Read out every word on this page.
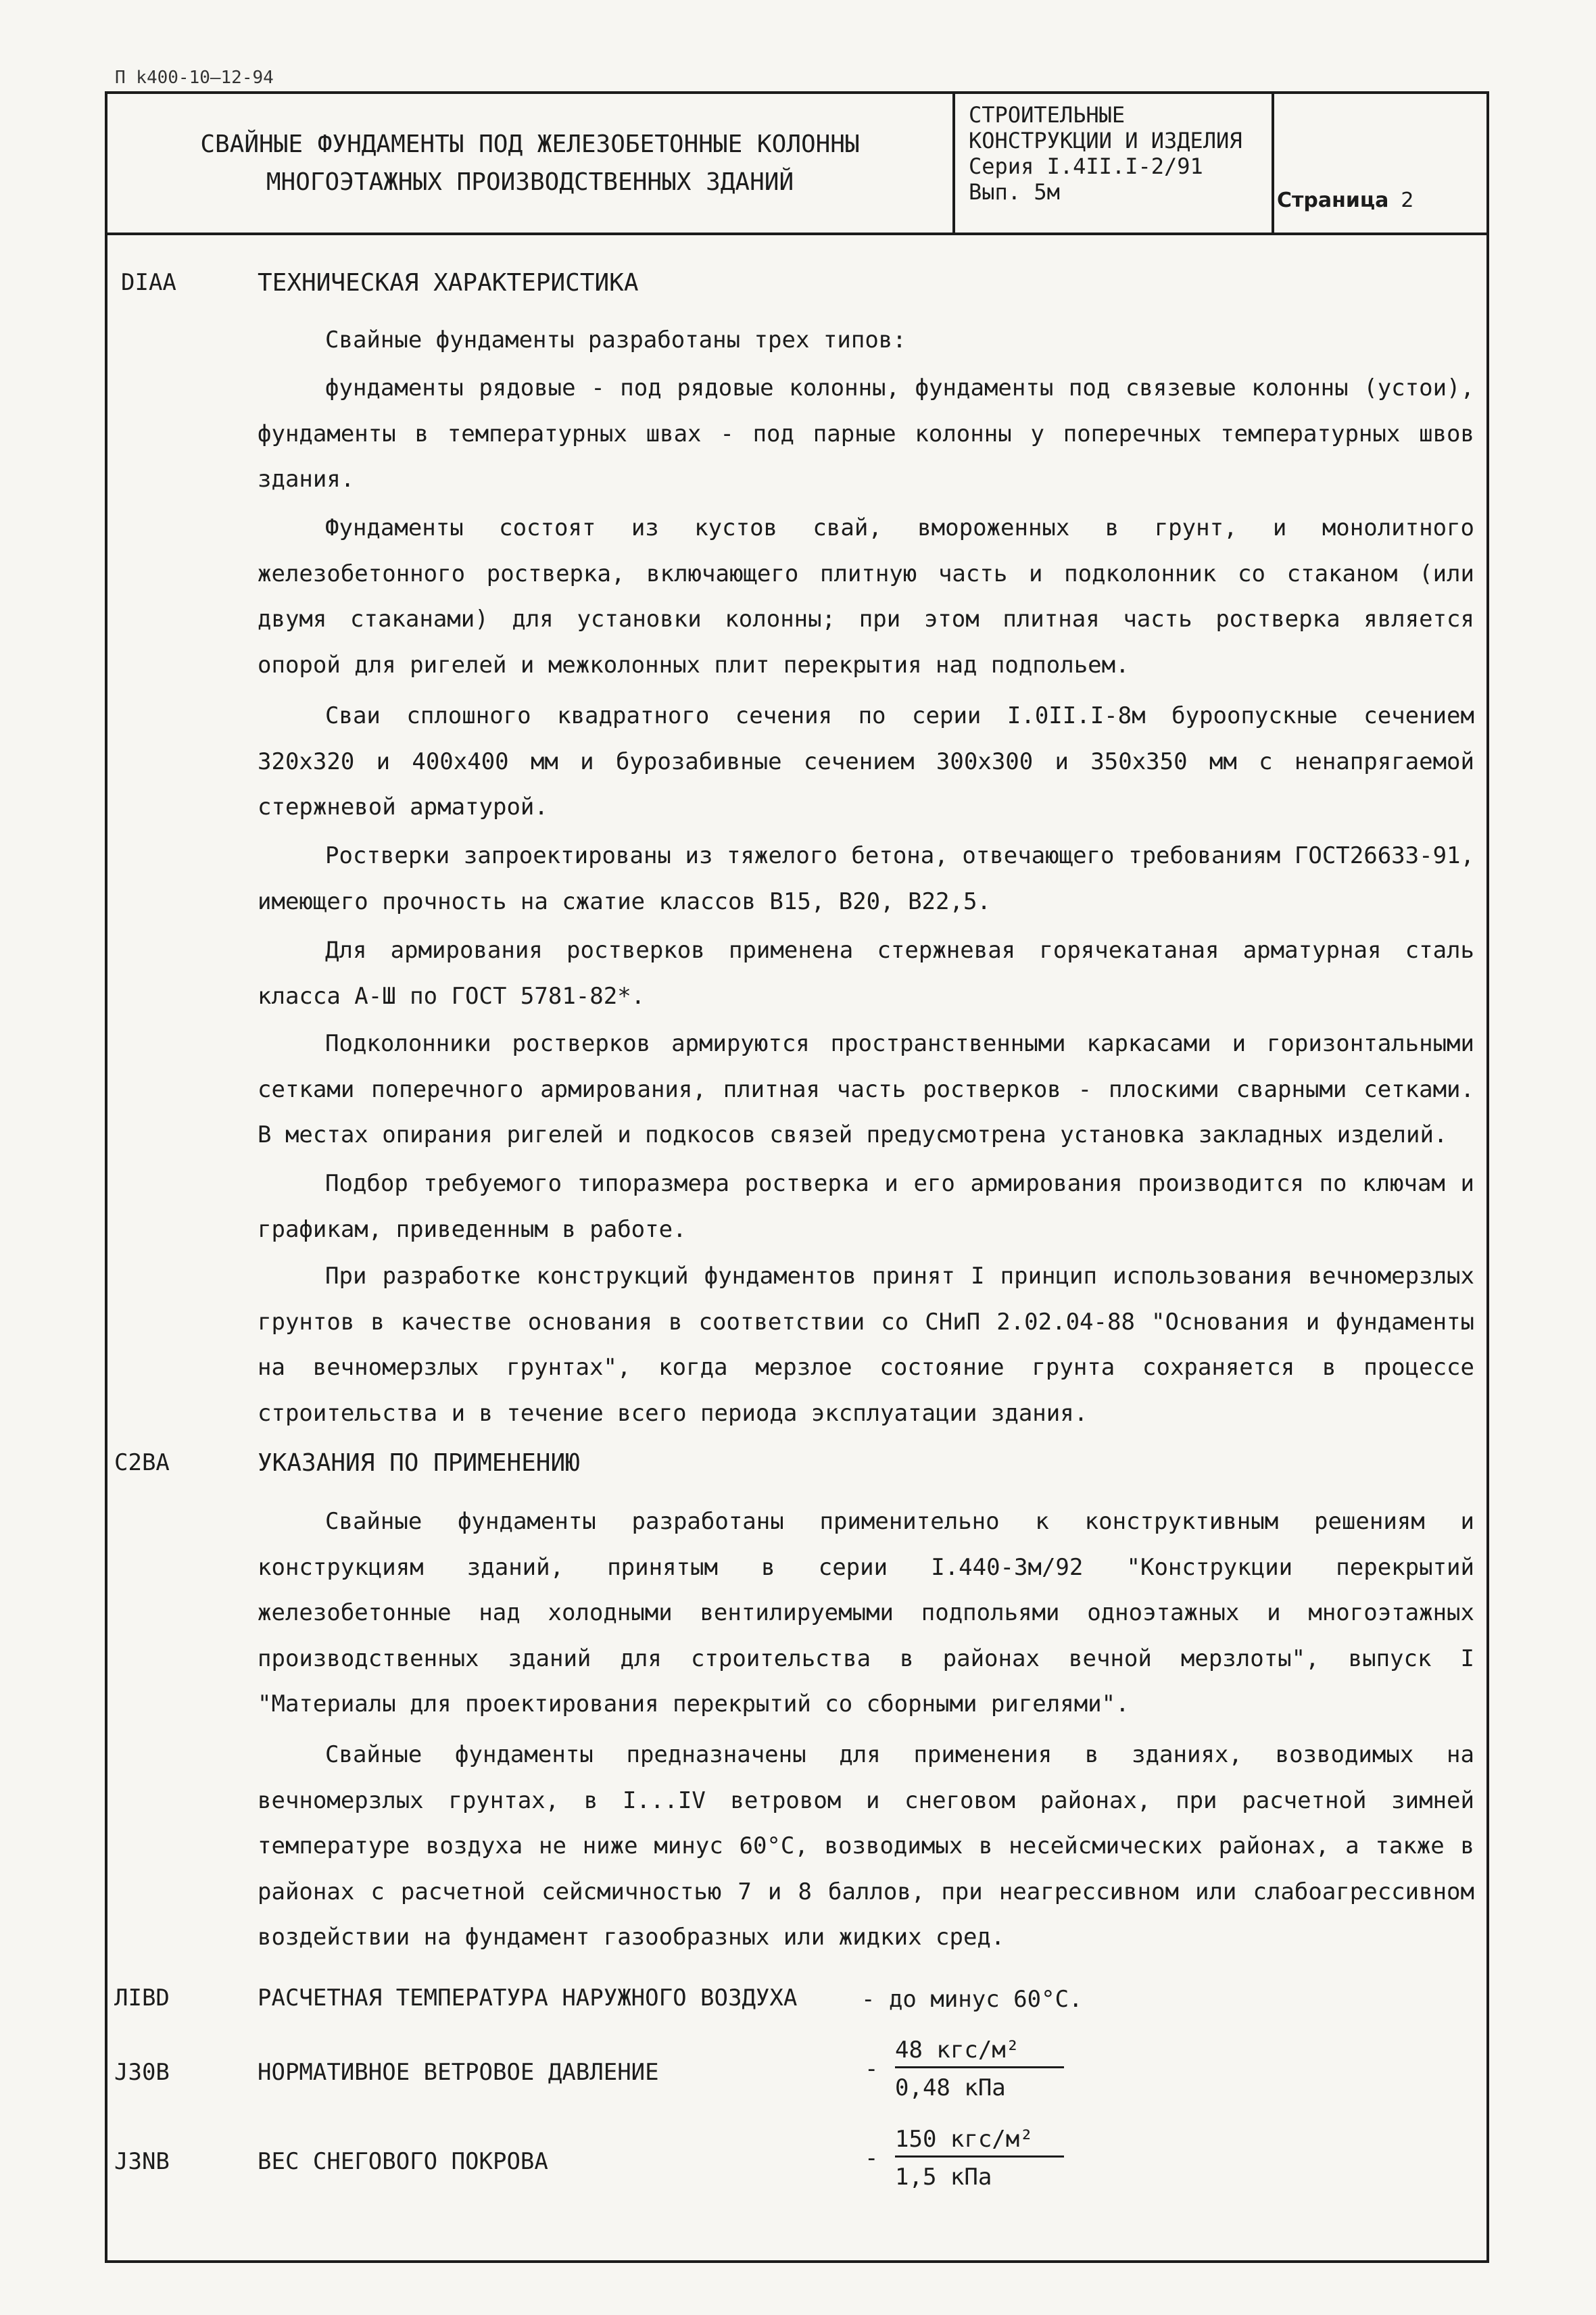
П k400-10—12-94
СВАЙНЫЕ ФУНДАМЕНТЫ ПОД ЖЕЛЕЗОБЕТОННЫЕ КОЛОННЫ
МНОГОЭТАЖНЫХ ПРОИЗВОДСТВЕННЫХ ЗДАНИЙ
СТРОИТЕЛЬНЫЕ
КОНСТРУКЦИИ И ИЗДЕЛИЯ
Серия I.4II.I-2/91
Вып. 5м	Страница 2
DIAA	ТЕХНИЧЕСКАЯ ХАРАКТЕРИСТИКА
Свайные фундаменты разработаны трех типов:
фундаменты рядовые - под рядовые колонны, фундаменты под связевые колонны (устои), фундаменты в температурных швах - под парные колонны у поперечных температурных швов здания.
Фундаменты состоят из кустов свай, вмороженных в грунт, и монолитного железобетонного ростверка, включающего плитную часть и подколонник со стаканом (или двумя стаканами) для установки колонны; при этом плитная часть ростверка является опорой для ригелей и межколонных плит перекрытия над подпольем.
Сваи сплошного квадратного сечения по серии I.0II.I-8м буроопускные сечением 320х320 и 400х400 мм и бурозабивные сечением 300х300 и 350х350 мм с ненапрягаемой стержневой арматурой.
Ростверки запроектированы из тяжелого бетона, отвечающего требованиям ГОСТ26633-91, имеющего прочность на сжатие классов В15, В20, В22,5.
Для армирования ростверков применена стержневая горячекатаная арматурная сталь класса А-Ш по ГОСТ 5781-82*.
Подколонники ростверков армируются пространственными каркасами и горизонтальными сетками поперечного армирования, плитная часть ростверков - плоскими сварными сетками. В местах опирания ригелей и подкосов связей предусмотрена установка закладных изделий.
Подбор требуемого типоразмера ростверка и его армирования производится по ключам и графикам, приведенным в работе.
При разработке конструкций фундаментов принят I принцип использования вечномерзлых грунтов в качестве основания в соответствии со СНиП 2.02.04-88 "Основания и фундаменты на вечномерзлых грунтах", когда мерзлое состояние грунта сохраняется в процессе строительства и в течение всего периода эксплуатации здания.
C2BA	УКАЗАНИЯ ПО ПРИМЕНЕНИЮ
Свайные фундаменты разработаны применительно к конструктивным решениям и конструкциям зданий, принятым в серии I.440-3м/92 "Конструкции перекрытий железобетонные над холодными вентилируемыми подпольями одноэтажных и многоэтажных производственных зданий для строительства в районах вечной мерзлоты", выпуск I "Материалы для проектирования перекрытий со сборными ригелями".
Свайные фундаменты предназначены для применения в зданиях, возводимых на вечномерзлых грунтах, в I...IV ветровом и снеговом районах, при расчетной зимней температуре воздуха не ниже минус 60°С, возводимых в несейсмических районах, а также в районах с расчетной сейсмичностью 7 и 8 баллов, при неагрессивном или слабоагрессивном воздействии на фундамент газообразных или жидких сред.
ЛIBD	РАСЧЕТНАЯ ТЕМПЕРАТУРА НАРУЖНОГО ВОЗДУХА	- до минус 60°С.
J30B	НОРМАТИВНОЕ ВЕТРОВОЕ ДАВЛЕНИЕ	-
48 кгс/м²
0,48 кПа
J3NB	ВЕС СНЕГОВОГО ПОКРОВА	-
150 кгс/м²
1,5 кПа
